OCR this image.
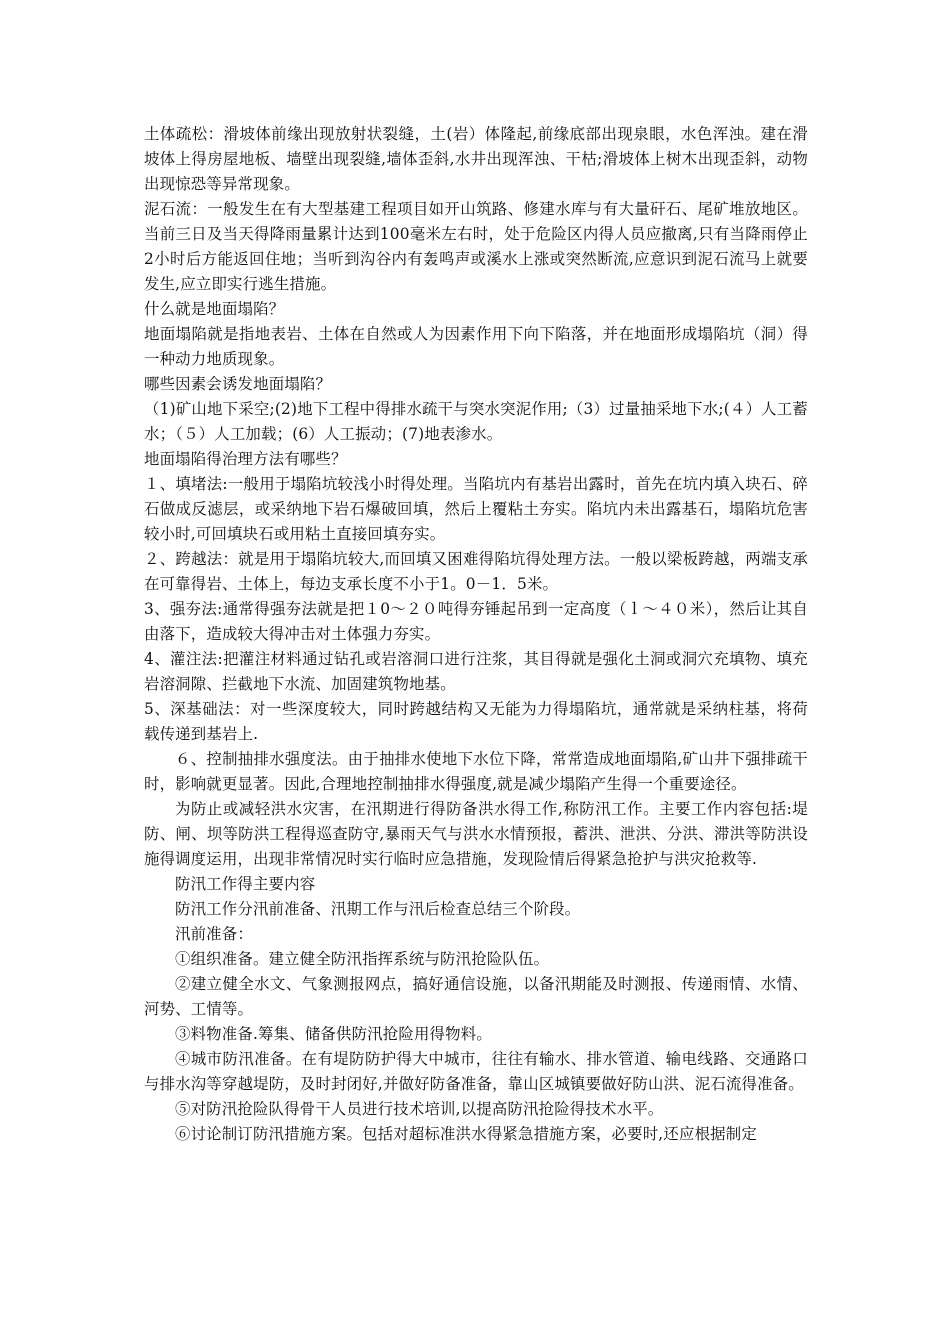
土体疏松：滑坡体前缘出现放射状裂缝，土(岩）体隆起,前缘底部出现泉眼，水色浑浊。建在滑坡体上得房屋地板、墙壁出现裂缝,墙体歪斜,水井出现浑浊、干枯;滑坡体上树木出现歪斜，动物出现惊恐等异常现象。

泥石流：一般发生在有大型基建工程项目如开山筑路、修建水库与有大量矸石、尾矿堆放地区。当前三日及当天得降雨量累计达到100毫米左右时，处于危险区内得人员应撤离,只有当降雨停止2小时后方能返回住地；当听到沟谷内有轰鸣声或溪水上涨或突然断流,应意识到泥石流马上就要发生,应立即实行逃生措施。

什么就是地面塌陷？

地面塌陷就是指地表岩、土体在自然或人为因素作用下向下陷落，并在地面形成塌陷坑（洞）得一种动力地质现象。

哪些因素会诱发地面塌陷？

（1)矿山地下采空;(2)地下工程中得排水疏干与突水突泥作用;（3）过量抽采地下水;(４）人工蓄水；（５）人工加载；(6）人工振动；(7)地表渗水。

地面塌陷得治理方法有哪些？

１、填堵法:一般用于塌陷坑较浅小时得处理。当陷坑内有基岩出露时，首先在坑内填入块石、碎石做成反滤层，或采纳地下岩石爆破回填，然后上覆粘土夯实。陷坑内未出露基石，塌陷坑危害较小时,可回填块石或用粘土直接回填夯实。

２、跨越法：就是用于塌陷坑较大,而回填又困难得陷坑得处理方法。一般以梁板跨越，两端支承在可靠得岩、土体上，每边支承长度不小于1。0－1．5米。

3、强夯法:通常得强夯法就是把１0～２０吨得夯锤起吊到一定高度（ｌ～４０米），然后让其自由落下，造成较大得冲击对土体强力夯实。

4、灌注法:把灌注材料通过钻孔或岩溶洞口进行注浆，其目得就是强化土洞或洞穴充填物、填充岩溶洞隙、拦截地下水流、加固建筑物地基。

5、深基础法：对一些深度较大，同时跨越结构又无能为力得塌陷坑，通常就是采纳柱基，将荷载传递到基岩上.

６、控制抽排水强度法。由于抽排水使地下水位下降，常常造成地面塌陷,矿山井下强排疏干时，影响就更显著。因此,合理地控制抽排水得强度,就是减少塌陷产生得一个重要途径。

为防止或减轻洪水灾害，在汛期进行得防备洪水得工作,称防汛工作。主要工作内容包括:堤防、闸、坝等防洪工程得巡查防守,暴雨天气与洪水水情预报，蓄洪、泄洪、分洪、滞洪等防洪设施得调度运用，出现非常情况时实行临时应急措施，发现险情后得紧急抢护与洪灾抢救等.

防汛工作得主要内容

防汛工作分汛前准备、汛期工作与汛后检查总结三个阶段。

汛前准备：

①组织准备。建立健全防汛指挥系统与防汛抢险队伍。

②建立健全水文、气象测报网点，搞好通信设施，以备汛期能及时测报、传递雨情、水情、河势、工情等。

③料物准备.筹集、储备供防汛抢险用得物料。

④城市防汛准备。在有堤防防护得大中城市，往往有输水、排水管道、输电线路、交通路口与排水沟等穿越堤防，及时封闭好,并做好防备准备，靠山区城镇要做好防山洪、泥石流得准备。

⑤对防汛抢险队得骨干人员进行技术培训,以提高防汛抢险得技术水平。

⑥讨论制订防汛措施方案。包括对超标准洪水得紧急措施方案，必要时,还应根据制定
